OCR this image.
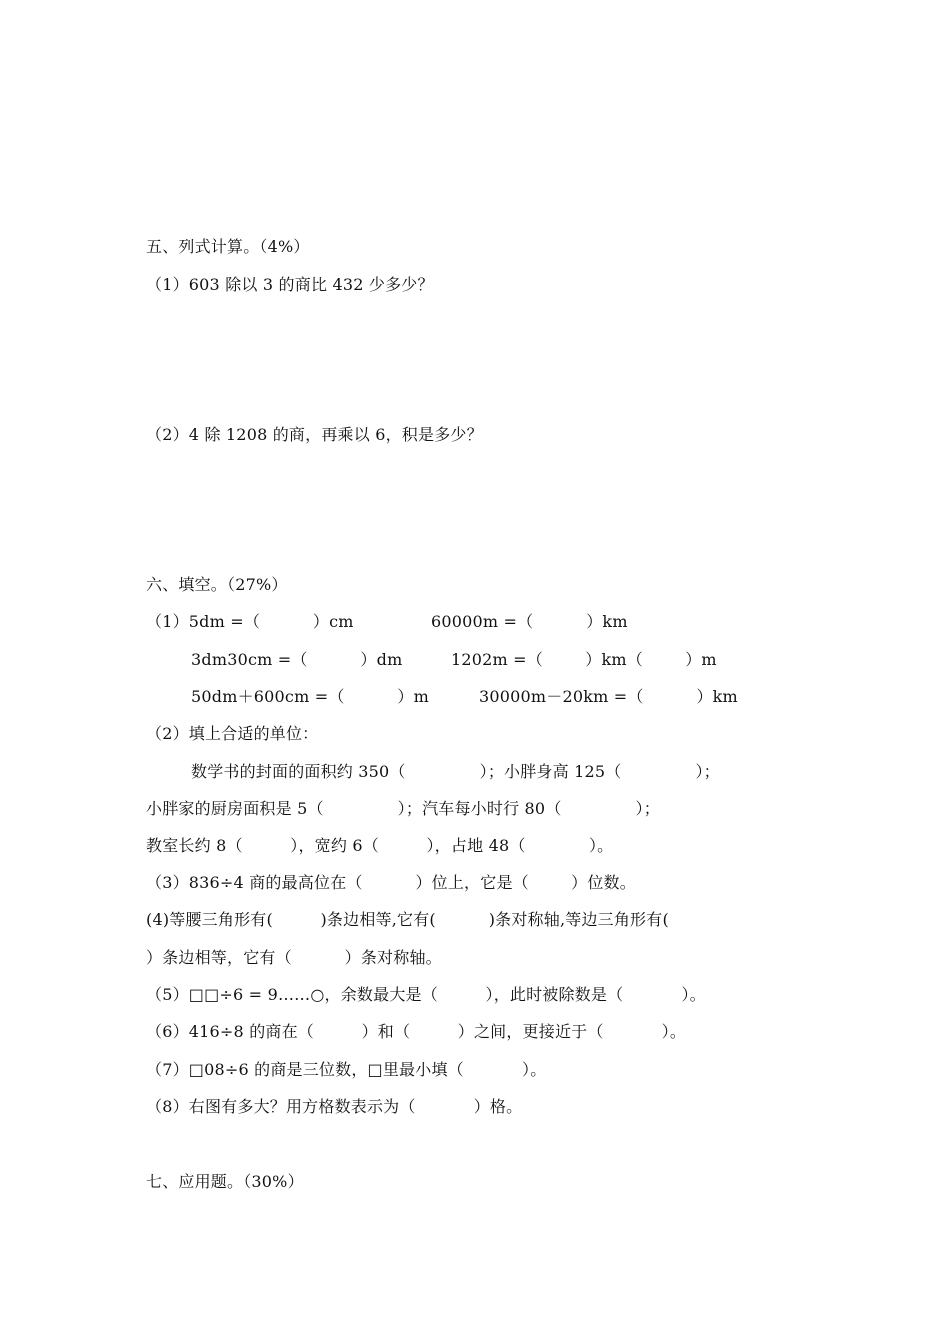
五、列式计算。（4%）
（1）603 除以 3 的商比 432 少多少？
（2）4 除 1208 的商，再乘以 6，积是多少？
六、填空。（27%）
（1）5dm =（          ）cm	60000m =（          ）km
3dm30cm =（          ）dm	1202m =（        ）km（        ）m
50dm＋600cm =（          ）m	30000m－20km =（          ）km
（2）填上合适的单位：
数学书的封面的面积约 350（              ）；小胖身高 125（              ）；
小胖家的厨房面积是 5（              ）；汽车每小时行 80（              ）；
教室长约 8（         ），宽约 6（         ），占地 48（            ）。
（3）836÷4 商的最高位在（          ）位上，它是（        ）位数。
(4)等腰三角形有(         )条边相等,它有(          )条对称轴,等边三角形有(
）条边相等，它有（          ）条对称轴。
（5）□□÷6 = 9……○，余数最大是（         ），此时被除数是（           ）。
（6）416÷8 的商在（         ）和（         ）之间，更接近于（           ）。
（7）□08÷6 的商是三位数，□里最小填（           ）。
（8）右图有多大？用方格数表示为（           ）格。
七、应用题。（30%）
